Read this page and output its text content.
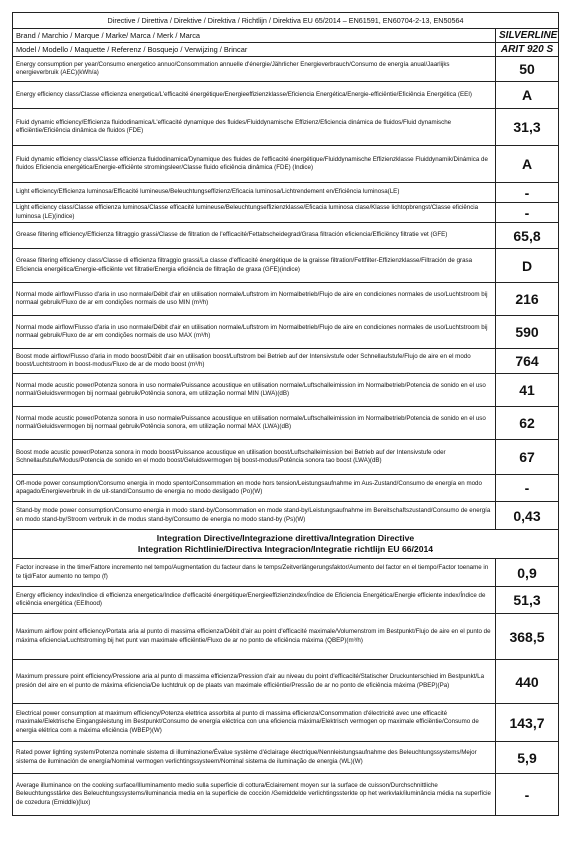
Directive / Direttiva / Direktive / Direktiva / Richtlijn / Direktiva EU 65/2014 – EN61591, EN60704-2-13, EN50564	
Brand / Marchio / Marque / Marke/ Marca / Merk / Marca	SILVERLINE
Model / Modello / Maquette / Referenz / Bosquejo / Verwijzing / Brincar	ARIT 920 S
Energy consumption per year/Consumo energetico annuo/Consommation annuelle d'énergie/Jährlicher Energieverbrauch/Consumo de energía anual/Jaarlijks energieverbruik (AEC)(kWh/a)	50
Energy efficiency class/Classe efficienza energetica/L'efficacité énergétique/Energieeffizienzklasse/Eficiencia Energética/Energie-efficiëntie/Eficiência Energética (EEI)	A
Fluid dynamic efficiency/Efficienza fluidodinamica/L'efficacité dynamique des fluides/Fluiddynamische Effizienz/Eficiencia dinámica de fluidos/Fluid dynamische efficiëntie/Eficiência dinâmica de fluidos (FDE)	31,3
Fluid dynamic efficiency class/Classe efficienza fluidodinamica/Dynamique des fluides de l'efficacité énergétique/Fluiddynamische Effizienzklasse Fluiddynamik/Dinámica de fluidos Eficiencia energética/Energie-efficiënte stromingsleer/Classe fluido eficiência dinâmica (FDE) (Indice)	A
Light efficiency/Efficienza luminosa/Efficacité lumineuse/Beleuchtungseffizienz/Eficacia luminosa/Lichtrendement en/Eficiência luminosa(LE)	-
Light efficiency class/Classe efficienza luminosa/Classe efficacité lumineuse/Beleuchtungseffizienzklasse/Eficacia luminosa clase/Klasse lichtopbrengst/Classe eficiência luminosa (LE)(indice)	-
Grease filtering efficiency/Efficienza filtraggio grassi/Classe de filtration de l'efficacité/Fettabscheidegrad/Grasa filtración eficiencia/Efficiëncy filtratie vet (GFE)	65,8
Grease filtering efficiency class/Classe di efficienza filtraggio grassi/La classe d'efficacité énergétique de la graisse filtration/Fettfilter-Effizienzklasse/Filtración de grasa Eficiencia energética/Energie-efficiënte vet filtratie/Energia eficiência de filtração de graxa (GFE)(indice)	D
Normal mode airflow/Flusso d'aria in uso normale/Débit d'air en utilisation normale/Luftstrom im Normalbetrieb/Flujo de aire en condiciones normales de uso/Luchtstroom bij normaal gebruik/Fluxo de ar em condições normais de uso MIN (m³/h)	216
Normal mode airflow/Flusso d'aria in uso normale/Débit d'air en utilisation normale/Luftstrom im Normalbetrieb/Flujo de aire en condiciones normales de uso/Luchtstroom bij normaal gebruik/Fluxo de ar em condições normais de uso MAX (m³/h)	590
Boost mode airflow/Flusso d'aria in modo boost/Débit d'air en utilisation boost/Luftstrom bei Betrieb auf der Intensivstufe oder Schnellaufstufe/Flujo de aire en el modo boost/Luchtstroom in boost-modus/Fluxo de ar de modo boost (m³/h)	764
Normal mode acustic power/Potenza sonora in uso normale/Puissance acoustique en utilisation normale/Luftschalleimission im Normalbetrieb/Potencia de sonido en el uso normal/Geluidsvermogen bij normaal gebruik/Potência sonora, em utilização normal MIN (LWA)(dB)	41
Normal mode acustic power/Potenza sonora in uso normale/Puissance acoustique en utilisation normale/Luftschalleimission im Normalbetrieb/Potencia de sonido en el uso normal/Geluidsvermogen bij normaal gebruik/Potência sonora, em utilização normal MAX (LWA)(dB)	62
Boost mode acustic power/Potenza sonora in modo boost/Puissance acoustique en utilisation boost/Luftschalleimission bei Betrieb auf der Intensivstufe oder Schnellaufstufe/Modus/Potencia de sonido en el modo boost/Geluidsvermogen bij boost-modus/Potência sonora tao boost (LWA)(dB)	67
Off-mode power consumption/Consumo energia in modo spento/Consommation en mode hors tension/Leistungsaufnahme im Aus-Zustand/Consumo de energía en modo apagado/Energieverbruik in de uit-stand/Consumo de energia no modo desligado (Po)(W)	-
Stand-by mode power consumption/Consumo energia in modo stand-by/Consommation en mode stand-by/Leistungsaufnahme im Bereitschaftszustand/Consumo de energía en modo stand-by/Stroom verbruik in de modus stand-by/Consumo de energia no modo stand-by (Ps)(W)	0,43

Integration Directive/Integrazione direttiva/Integration Directive
Integration Richtlinie/Directiva Integracion/Integratie richtlijn EU 66/2014	

Factor increase in the time/Fattore incremento nel tempo/Augmentation du facteur dans le temps/Zeitverlängerungsfaktor/Aumento del factor en el tiempo/Factor toename in te tijd/Fator aumento no tempo (f)	0,9
Energy efficiency index/Indice di efficienza energetica/Indice d'efficacité énergétique/Energieeffizienzindex/Índice de Eficiencia Energética/Energie efficiente index/Índice de eficiência energética (EEIhood)	51,3
Maximum airflow point efficiency/Portata aria al punto di massima efficienza/Débit d'air au point d'efficacité maximale/Volumenstrom im Bestpunkt/Flujo de aire en el punto de máxima eficiencia/Luchtstroming bij het punt van maximale efficiëntie/Fluxo de ar no ponto de eficiência máxima (QBEP)(m³/h)	368,5
Maximum pressure point efficiency/Pressione aria al punto di massima efficienza/Pression d'air au niveau du point d'efficacité/Statischer Druckunterschied im Bestpunkt/La presión del aire en el punto de máxima eficiencia/De luchtdruk op de plaats van maximale efficiëntie/Pressão de ar no ponto de eficiência máxima (PBEP)(Pa)	440
Electrical power consumption at maximum efficiency/Potenza elettrica assorbita al punto di massima efficienza/Consommation d'électricité avec une efficacité maximale/Elektrische Eingangsleistung im Bestpunkt/Consumo de energía eléctrica con una eficiencia máxima/Elektrisch vermogen op maximale efficiëntie/Consumo de energia elétrica com a máxima eficiência (WBEP)(W)	143,7
Rated power lighting system/Potenza nominale sistema di illuminazione/Évalue système d'éclairage électrique/Nennleistungsaufnahme des Beleuchtungssystems/Mejor sistema de iluminación de energía/Nominal vermogen verlichtingssysteem/Nominal sistema de iluminação de energia (WL)(W)	5,9
Average illuminance on the cooking surface/Illuminamento medio sulla superficie di cottura/Eclairement moyen sur la surface de cuisson/Durchschnittliche Beleuchtungsstärke des Beleuchtungssystems/iluminancia media en la superficie de cocción /Gemiddelde verlichtingssterkte op het werkvlak/iluminância média na superfície de cozedura (Emiddle)(lux)	-
